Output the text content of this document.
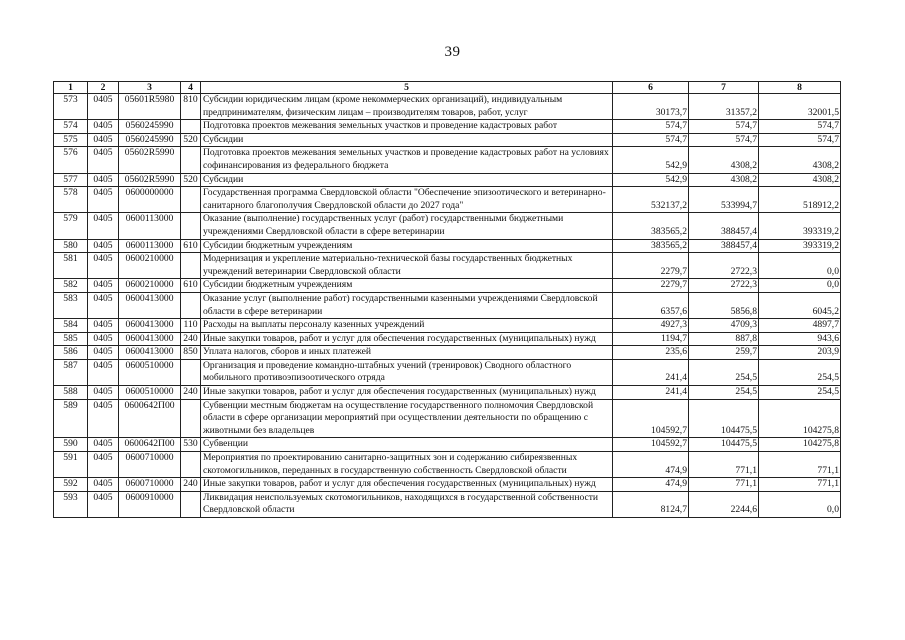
39
1	2	3	4	5	6	7	8
573	0405	05601R5980	810	Субсидии юридическим лицам (кроме некоммерческих организаций), индивидуальным предпринимателям, физическим лицам – производителям товаров, работ, услуг	30173,7	31357,2	32001,5
574	0405	0560245990		Подготовка проектов межевания земельных участков и проведение кадастровых работ	574,7	574,7	574,7
575	0405	0560245990	520	Субсидии	574,7	574,7	574,7
576	0405	05602R5990		Подготовка проектов межевания земельных участков и проведение кадастровых работ на условиях софинансирования из федерального бюджета	542,9	4308,2	4308,2
577	0405	05602R5990	520	Субсидии	542,9	4308,2	4308,2
578	0405	0600000000		Государственная программа Свердловской области "Обеспечение эпизоотического и ветеринарно-санитарного благополучия Свердловской области до 2027 года"	532137,2	533994,7	518912,2
579	0405	0600113000		Оказание (выполнение) государственных услуг (работ) государственными бюджетными учреждениями Свердловской области в сфере ветеринарии	383565,2	388457,4	393319,2
580	0405	0600113000	610	Субсидии бюджетным учреждениям	383565,2	388457,4	393319,2
581	0405	0600210000		Модернизация и укрепление материально-технической базы государственных бюджетных учреждений ветеринарии Свердловской области	2279,7	2722,3	0,0
582	0405	0600210000	610	Субсидии бюджетным учреждениям	2279,7	2722,3	0,0
583	0405	0600413000		Оказание услуг (выполнение работ) государственными казенными учреждениями Свердловской области в сфере ветеринарии	6357,6	5856,8	6045,2
584	0405	0600413000	110	Расходы на выплаты персоналу казенных учреждений	4927,3	4709,3	4897,7
585	0405	0600413000	240	Иные закупки товаров, работ и услуг для обеспечения государственных (муниципальных) нужд	1194,7	887,8	943,6
586	0405	0600413000	850	Уплата налогов, сборов и иных платежей	235,6	259,7	203,9
587	0405	0600510000		Организация и проведение командно-штабных учений (тренировок) Сводного областного мобильного противоэпизоотического отряда	241,4	254,5	254,5
588	0405	0600510000	240	Иные закупки товаров, работ и услуг для обеспечения государственных (муниципальных) нужд	241,4	254,5	254,5
589	0405	0600642П00		Субвенции местным бюджетам на осуществление государственного полномочия Свердловской области в сфере организации мероприятий при осуществлении деятельности по обращению с животными без владельцев	104592,7	104475,5	104275,8
590	0405	0600642П00	530	Субвенции	104592,7	104475,5	104275,8
591	0405	0600710000		Мероприятия по проектированию санитарно-защитных зон и содержанию сибиреязвенных скотомогильников, переданных в государственную собственность Свердловской области	474,9	771,1	771,1
592	0405	0600710000	240	Иные закупки товаров, работ и услуг для обеспечения государственных (муниципальных) нужд	474,9	771,1	771,1
593	0405	0600910000		Ликвидация неиспользуемых скотомогильников, находящихся в государственной собственности Свердловской области	8124,7	2244,6	0,0
